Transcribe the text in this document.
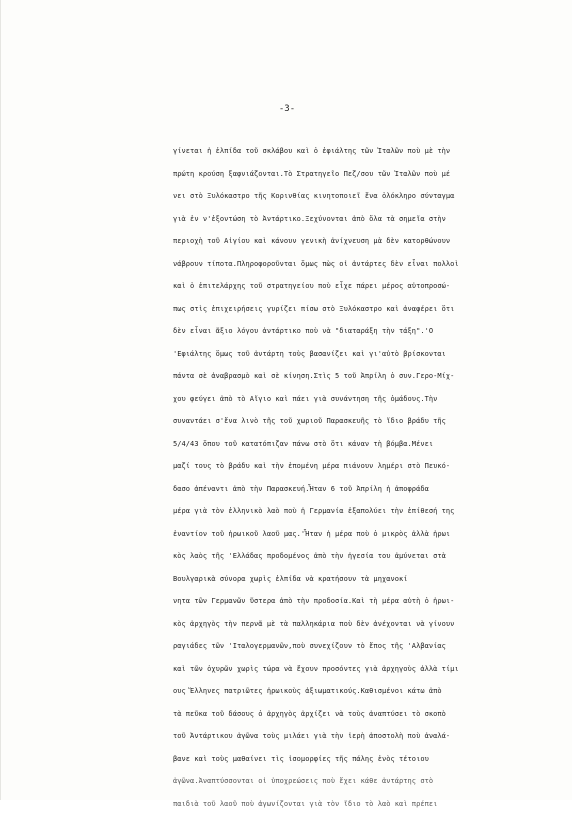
-3-
γίνεται ἡ ἐλπίδα τοῦ σκλάβου καὶ ὁ ἐφιάλτης τῶν Ἰταλῶν ποὺ μὲ τὴν
πρώτη κρούση ξαφνιάζονται.Τὸ Στρατηγεῖο Πεζ/σου τῶν Ἰταλῶν ποὺ μέ
νει στὸ Ξυλόκαστρο τῆς Κορινθίας κινητοποιεῖ ἕνα ὁλόκληρο σύνταγμα
γιὰ ἐν ν'ἐξοντώση τὸ Ἀντάρτικο.Ξεχύνονται ἀπὸ ὅλα τὰ σημεῖα στὴν
περιοχὴ τοῦ Αἰγίου καὶ κάνουν γενικὴ ἀνίχνευση μὰ δὲν κατορθώνουν
νάβρουν τίποτα.Πληροφοροῦνται ὅμως πὼς οἱ ἀντάρτες δὲν εἶναι πολλοὶ
καὶ ὁ ἐπιτελάρχης τοῦ στρατηγείου ποὺ εἶχε πάρει μέρος αὐτοπροσώ-
πως στὶς ἐπιχειρήσεις γυρίζει πίσω στὸ Ξυλόκαστρο καὶ ἀναφέρει ὅτι
δὲν εἶναι ἄξιο λόγου ἀντάρτικο ποὺ νὰ "διαταράξη τὴν τάξη".'Ο
'Εφιάλτης ὅμως τοῦ ἀντάρτη τοὺς βασανίζει καὶ γι'αὐτὸ βρίσκονται
πάντα σὲ ἀναβρασμὸ καὶ σὲ κίνηση.Στὶς 5 τοῦ Ἀπρίλη ὁ συν.Γερο-Μίχ-
χου φεύγει ἀπὸ τὸ Αἴγιο καὶ πάει γιὰ συνάντηση τῆς ὁμάδους.Τὴν
συναντάει σ'ἕνα λινὸ τῆς τοῦ χωριοῦ Παρασκευῆς τὸ ἴδιο βράδυ τῆς
5/4/43 ὅπου τοῦ κατατόπιζαν πάνω στὸ ὅτι κάναν τὴ βόμβα.Μένει
μαζί τους τὸ βράδυ καὶ τὴν ἑπομένη μέρα πιάνουν λημέρι στὸ Πευκό-
δασο ἀπέναντι ἀπὸ τὴν Παρασκευή.Ἦταν 6 τοῦ Ἀπρίλη ἡ ἀποφράδα
μέρα γιὰ τὸν ἑλληνικὸ λαὸ ποὺ ἡ Γερμανία ἐξαπολύει τὴν ἐπίθεσή της
ἐναντίον τοῦ ἡρωικοῦ λαοῦ μας.'Ἦταν ἡ μέρα ποὺ ὁ μικρὸς ἀλλὰ ἡρωι
κὸς λαὸς τῆς 'Ελλάδας προδομένος ἀπὸ τὴν ἡγεσία του ἀμύνεται στὰ
Βουλγαρικὰ σύνορα χωρὶς ἐλπίδα νὰ κρατήσουν τὰ μηχανοκί
νητα τῶν Γερμανῶν ὕστερα ἀπὸ τὴν προδοσία.Καὶ τὴ μέρα αὐτὴ ὁ ἡρωι-
κὸς ἀρχηγὸς τὴν περνᾶ μὲ τὰ παλληκάρια ποὺ δὲν ἀνέχονται νὰ γίνουν
ραγιάδες τῶν 'Ιταλογερμανῶν,ποὺ συνεχίζουν τὸ ἔπος τῆς 'Αλβανίας
καὶ τῶν ὀχυρῶν χωρὶς τώρα νὰ ἔχουν προσόντες γιὰ ἀρχηγοὺς ἀλλὰ τίμι
ους Ἕλληνες πατριῶτες ἡρωικοὺς ἀξιωματικούς.Καθισμένοι κάτω ἀπὸ
τὰ πεῦκα τοῦ δάσους ὁ ἀρχηγὸς ἀρχίζει νὰ τοὺς ἀναπτύσει τὸ σκοπὸ
τοῦ Ἀντάρτικου ἀγῶνα τοὺς μιλάει γιὰ τὴν ἱερὴ ἀποστολὴ ποὺ ἀναλά-
βανε καὶ τοὺς μαθαίνει τὶς ἰσομορφίες τῆς πάλης ἑνὸς τέτοιου
ἀγῶνα.Ἀναπτύσσονται οἱ ὑποχρεώσεις ποὺ ἔχει κάθε ἀντάρτης στὸ
παιδιὰ τοῦ λαοῦ ποὺ ἀγωνίζονται γιὰ τὸν ἴδιο τὸ λαὸ καὶ πρέπει
